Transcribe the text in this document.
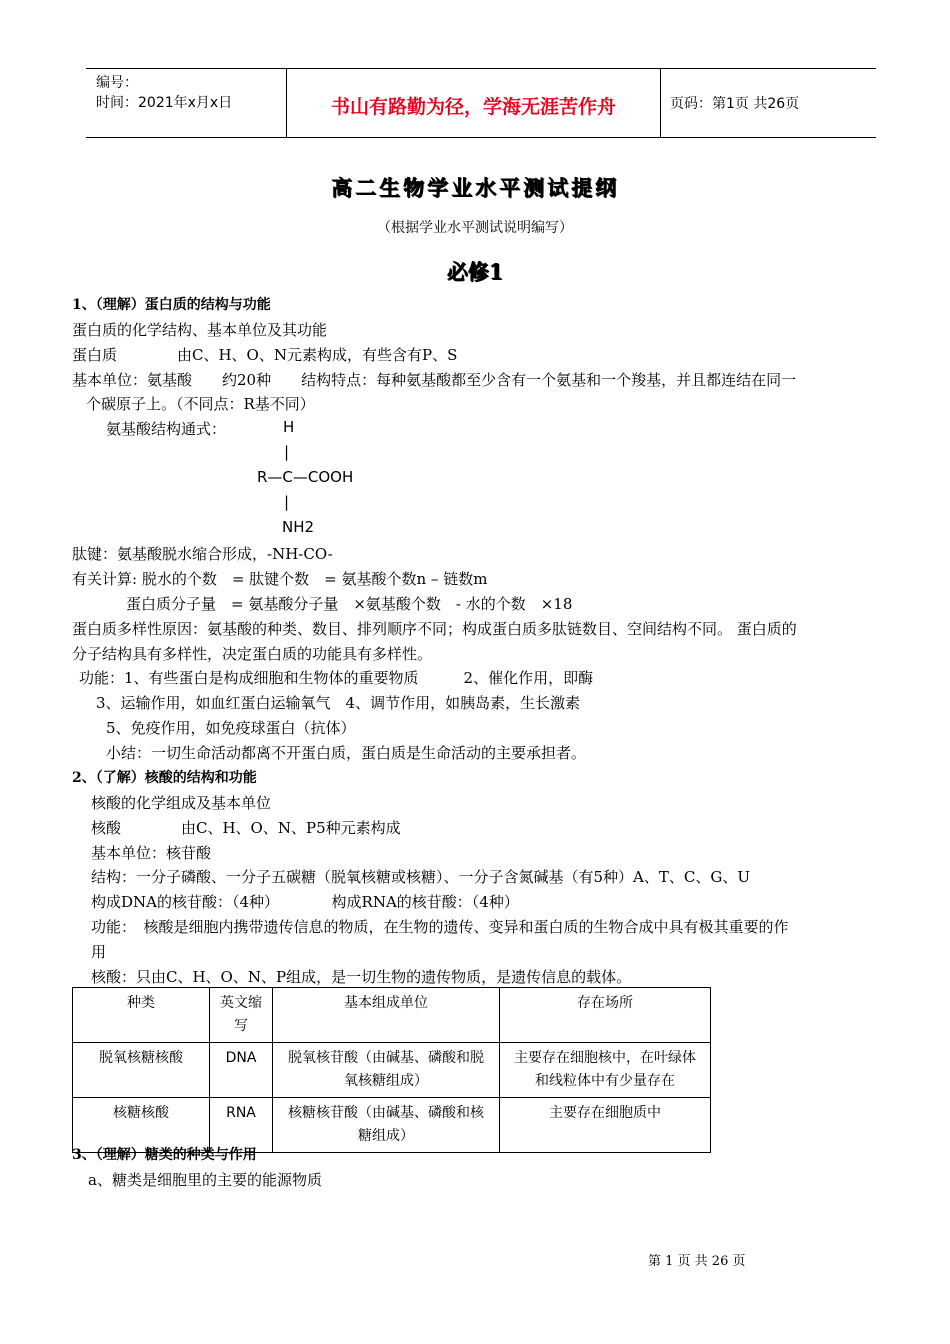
编号：
时间：2021年x月x日	书山有路勤为径，学海无涯苦作舟	页码：第1页 共26页
高二生物学业水平测试提纲
（根据学业水平测试说明编写）
必修1
1、（理解）蛋白质的结构与功能
蛋白质的化学结构、基本单位及其功能
蛋白质　　　　由C、H、O、N元素构成，有些含有P、S
基本单位：氨基酸　　约20种　　结构特点：每种氨基酸都至少含有一个氨基和一个羧基，并且都连结在同一
个碳原子上。（不同点：R基不同）
氨基酸结构通式：	H
|
R—C—COOH
|
NH2
肽键：氨基酸脱水缩合形成，-NH-CO-
有关计算: 脱水的个数　= 肽键个数　= 氨基酸个数n – 链数m
蛋白质分子量　= 氨基酸分子量　×氨基酸个数　- 水的个数　×18
蛋白质多样性原因：氨基酸的种类、数目、排列顺序不同；构成蛋白质多肽链数目、空间结构不同。 蛋白质的
分子结构具有多样性，决定蛋白质的功能具有多样性。
功能：1、有些蛋白是构成细胞和生物体的重要物质　　　2、催化作用，即酶
3、运输作用，如血红蛋白运输氧气　4、调节作用，如胰岛素，生长激素
5、免疫作用，如免疫球蛋白（抗体）
小结：一切生命活动都离不开蛋白质，蛋白质是生命活动的主要承担者。
2、（了解）核酸的结构和功能
核酸的化学组成及基本单位
核酸　　　　由C、H、O、N、P5种元素构成
基本单位：核苷酸
结构：一分子磷酸、一分子五碳糖（脱氧核糖或核糖）、一分子含氮碱基（有5种）A、T、C、G、U
构成DNA的核苷酸：（4种）　　　　构成RNA的核苷酸：（4种）
功能：　核酸是细胞内携带遗传信息的物质，在生物的遗传、变异和蛋白质的生物合成中具有极其重要的作
用
核酸：只由C、H、O、N、P组成，是一切生物的遗传物质，是遗传信息的载体。
种类	英文缩写	基本组成单位	存在场所
脱氧核糖核酸	DNA	脱氧核苷酸（由碱基、磷酸和脱氧核糖组成）	主要存在细胞核中，在叶绿体和线粒体中有少量存在
核糖核酸	RNA	核糖核苷酸（由碱基、磷酸和核糖组成）	主要存在细胞质中
3、（理解）糖类的种类与作用
a、糖类是细胞里的主要的能源物质
第 1 页 共 26 页
